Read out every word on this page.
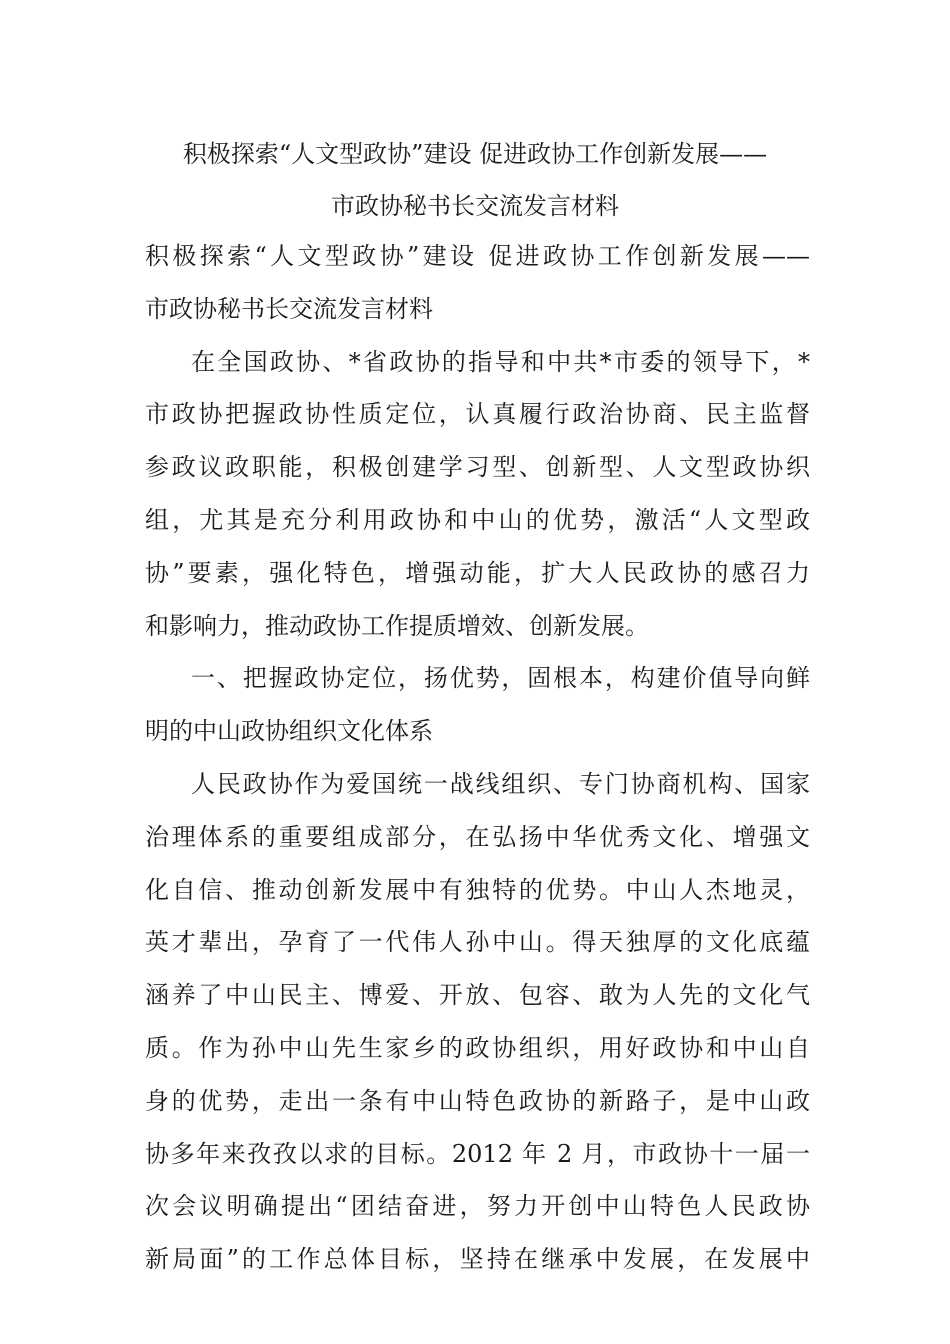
积极探索“人文型政协”建设 促进政协工作创新发展——
市政协秘书长交流发言材料
积极探索“人文型政协”建设 促进政协工作创新发展——
市政协秘书长交流发言材料
在全国政协、*省政协的指导和中共*市委的领导下，*
市政协把握政协性质定位，认真履行政治协商、民主监督
参政议政职能，积极创建学习型、创新型、人文型政协织
组，尤其是充分利用政协和中山的优势，激活“人文型政
协”要素，强化特色，增强动能，扩大人民政协的感召力
和影响力，推动政协工作提质增效、创新发展。
一、把握政协定位，扬优势，固根本，构建价值导向鲜
明的中山政协组织文化体系
人民政协作为爱国统一战线组织、专门协商机构、国家
治理体系的重要组成部分，在弘扬中华优秀文化、增强文
化自信、推动创新发展中有独特的优势。中山人杰地灵，
英才辈出，孕育了一代伟人孙中山。得天独厚的文化底蕴
涵养了中山民主、博爱、开放、包容、敢为人先的文化气
质。作为孙中山先生家乡的政协组织，用好政协和中山自
身的优势，走出一条有中山特色政协的新路子，是中山政
协多年来孜孜以求的目标。2012 年 2 月，市政协十一届一
次会议明确提出“团结奋进，努力开创中山特色人民政协
新局面”的工作总体目标，坚持在继承中发展，在发展中
